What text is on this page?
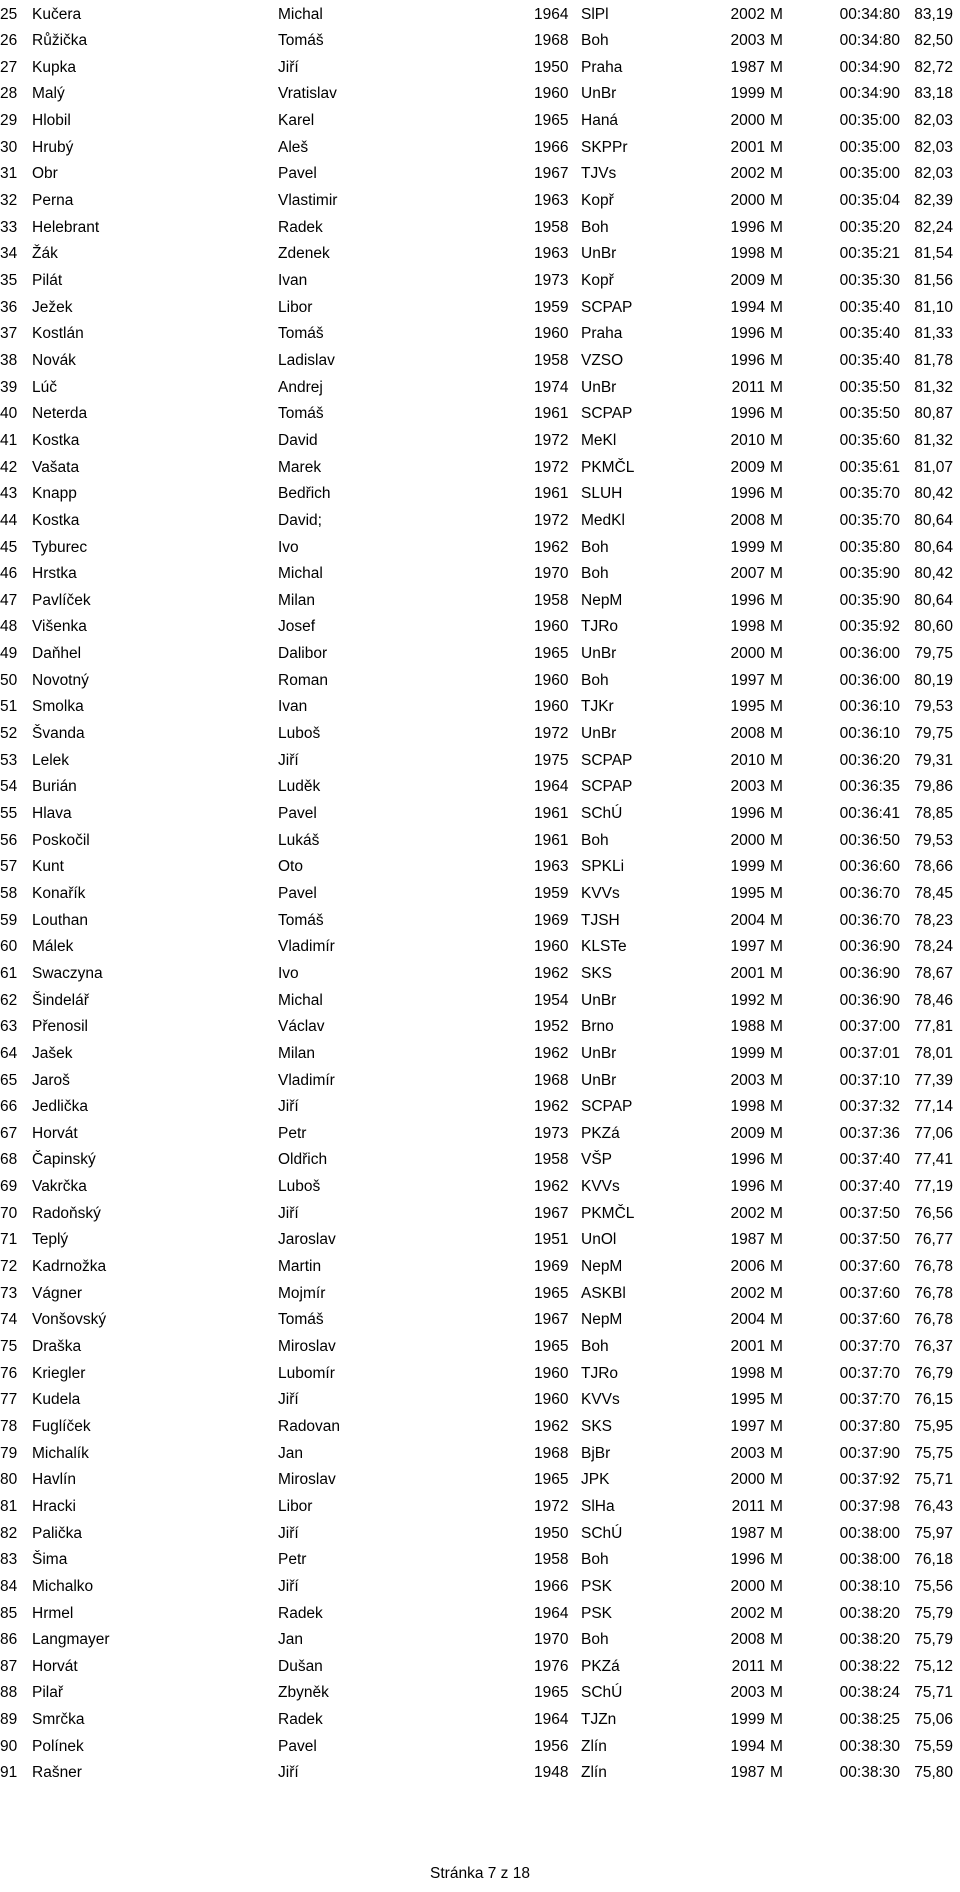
25 Kučera	Michal	1964 SlPl	2002 M	00:34:80 83,19
26 Růžička	Tomáš	1968 Boh	2003 M	00:34:80 82,50
27 Kupka	Jiří	1950 Praha	1987 M	00:34:90 82,72
28 Malý	Vratislav	1960 UnBr	1999 M	00:34:90 83,18
29 Hlobil	Karel	1965 Haná	2000 M	00:35:00 82,03
30 Hrubý	Aleš	1966 SKPPr	2001 M	00:35:00 82,03
31 Obr	Pavel	1967 TJVs	2002 M	00:35:00 82,03
32 Perna	Vlastimir	1963 Kopř	2000 M	00:35:04 82,39
33 Helebrant	Radek	1958 Boh	1996 M	00:35:20 82,24
34 Žák	Zdenek	1963 UnBr	1998 M	00:35:21 81,54
35 Pilát	Ivan	1973 Kopř	2009 M	00:35:30 81,56
36 Ježek	Libor	1959 SCPAP	1994 M	00:35:40 81,10
37 Kostlán	Tomáš	1960 Praha	1996 M	00:35:40 81,33
38 Novák	Ladislav	1958 VZSO	1996 M	00:35:40 81,78
39 Lúč	Andrej	1974 UnBr	2011 M	00:35:50 81,32
40 Neterda	Tomáš	1961 SCPAP	1996 M	00:35:50 80,87
41 Kostka	David	1972 MeKl	2010 M	00:35:60 81,32
42 Vašata	Marek	1972 PKMČL	2009 M	00:35:61 81,07
43 Knapp	Bedřich	1961 SLUH	1996 M	00:35:70 80,42
44 Kostka	David;	1972 MedKl	2008 M	00:35:70 80,64
45 Tyburec	Ivo	1962 Boh	1999 M	00:35:80 80,64
46 Hrstka	Michal	1970 Boh	2007 M	00:35:90 80,42
47 Pavlíček	Milan	1958 NepM	1996 M	00:35:90 80,64
48 Višenka	Josef	1960 TJRo	1998 M	00:35:92 80,60
49 Daňhel	Dalibor	1965 UnBr	2000 M	00:36:00 79,75
50 Novotný	Roman	1960 Boh	1997 M	00:36:00 80,19
51 Smolka	Ivan	1960 TJKr	1995 M	00:36:10 79,53
52 Švanda	Luboš	1972 UnBr	2008 M	00:36:10 79,75
53 Lelek	Jiří	1975 SCPAP	2010 M	00:36:20 79,31
54 Burián	Luděk	1964 SCPAP	2003 M	00:36:35 79,86
55 Hlava	Pavel	1961 SChÚ	1996 M	00:36:41 78,85
56 Poskočil	Lukáš	1961 Boh	2000 M	00:36:50 79,53
57 Kunt	Oto	1963 SPKLi	1999 M	00:36:60 78,66
58 Konařík	Pavel	1959 KVVs	1995 M	00:36:70 78,45
59 Louthan	Tomáš	1969 TJSH	2004 M	00:36:70 78,23
60 Málek	Vladimír	1960 KLSTe	1997 M	00:36:90 78,24
61 Swaczyna	Ivo	1962 SKS	2001 M	00:36:90 78,67
62 Šindelář	Michal	1954 UnBr	1992 M	00:36:90 78,46
63 Přenosil	Václav	1952 Brno	1988 M	00:37:00 77,81
64 Jašek	Milan	1962 UnBr	1999 M	00:37:01 78,01
65 Jaroš	Vladimír	1968 UnBr	2003 M	00:37:10 77,39
66 Jedlička	Jiří	1962 SCPAP	1998 M	00:37:32 77,14
67 Horvát	Petr	1973 PKZá	2009 M	00:37:36 77,06
68 Čapinský	Oldřich	1958 VŠP	1996 M	00:37:40 77,41
69 Vakrčka	Luboš	1962 KVVs	1996 M	00:37:40 77,19
70 Radoňský	Jiří	1967 PKMČL	2002 M	00:37:50 76,56
71 Teplý	Jaroslav	1951 UnOl	1987 M	00:37:50 76,77
72 Kadrnožka	Martin	1969 NepM	2006 M	00:37:60 76,78
73 Vágner	Mojmír	1965 ASKBl	2002 M	00:37:60 76,78
74 Vonšovský	Tomáš	1967 NepM	2004 M	00:37:60 76,78
75 Draška	Miroslav	1965 Boh	2001 M	00:37:70 76,37
76 Kriegler	Lubomír	1960 TJRo	1998 M	00:37:70 76,79
77 Kudela	Jiří	1960 KVVs	1995 M	00:37:70 76,15
78 Fuglíček	Radovan	1962 SKS	1997 M	00:37:80 75,95
79 Michalík	Jan	1968 BjBr	2003 M	00:37:90 75,75
80 Havlín	Miroslav	1965 JPK	2000 M	00:37:92 75,71
81 Hracki	Libor	1972 SlHa	2011 M	00:37:98 76,43
82 Palička	Jiří	1950 SChÚ	1987 M	00:38:00 75,97
83 Šima	Petr	1958 Boh	1996 M	00:38:00 76,18
84 Michalko	Jiří	1966 PSK	2000 M	00:38:10 75,56
85 Hrmel	Radek	1964 PSK	2002 M	00:38:20 75,79
86 Langmayer	Jan	1970 Boh	2008 M	00:38:20 75,79
87 Horvát	Dušan	1976 PKZá	2011 M	00:38:22 75,12
88 Pilař	Zbyněk	1965 SChÚ	2003 M	00:38:24 75,71
89 Smrčka	Radek	1964 TJZn	1999 M	00:38:25 75,06
90 Polínek	Pavel	1956 Zlín	1994 M	00:38:30 75,59
91 Rašner	Jiří	1948 Zlín	1987 M	00:38:30 75,80
Stránka 7 z 18
